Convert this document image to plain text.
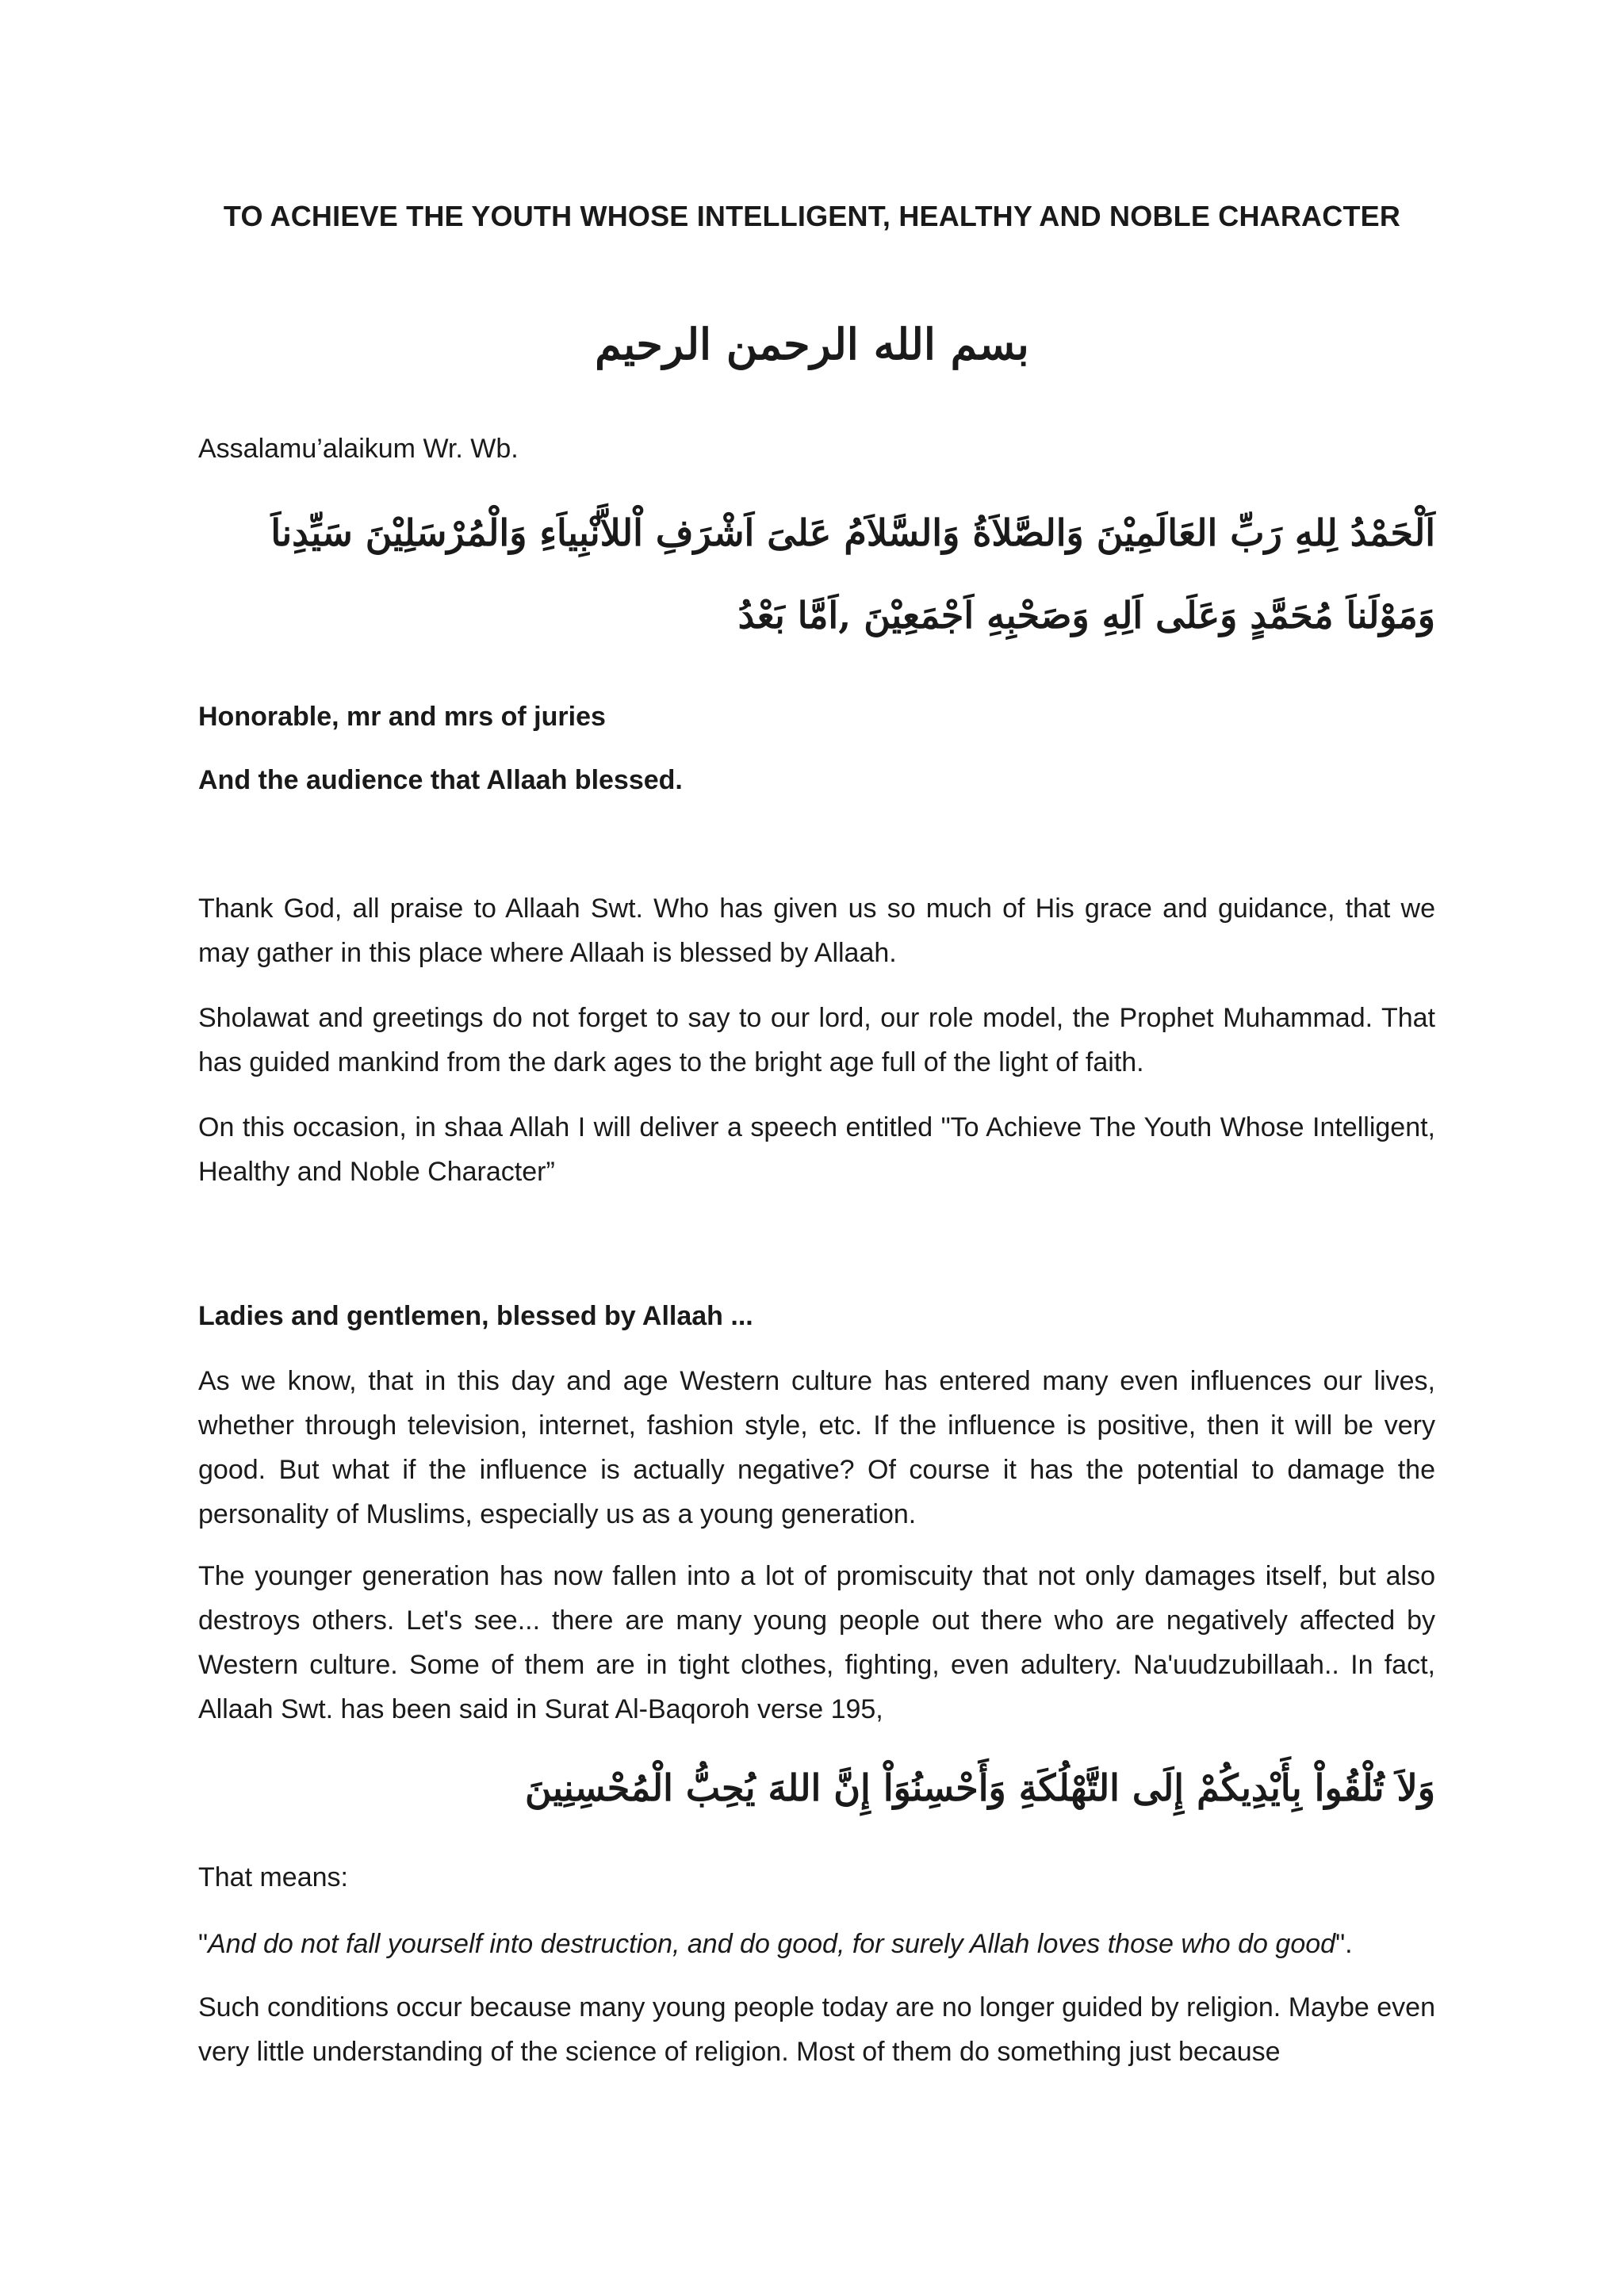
TO ACHIEVE THE YOUTH WHOSE INTELLIGENT, HEALTHY AND NOBLE CHARACTER
بسم الله الرحمن الرحيم
Assalamu’alaikum Wr. Wb.
اَلْحَمْدُ لِلهِ رَبِّ العَالَمِيْنَ وَالصَّلاَةُ وَالسَّلاَمُ عَلىَ اَشْرَفِ اْللاَّنْبِياَءِ وَالْمُرْسَلِيْنَ سَيِّدِناَ وَمَوْلَناَ مُحَمَّدٍ وَعَلَى اَلِهِ وَصَحْبِهِ اَجْمَعِيْنَ ,اَمَّا بَعْدُ
Honorable, mr and mrs of juries
And the audience that Allaah blessed.
Thank God, all praise to Allaah Swt. Who has given us so much of His grace and guidance, that we may gather in this place where Allaah is blessed by Allaah.
Sholawat and greetings do not forget to say to our lord, our role model, the Prophet Muhammad. That has guided mankind from the dark ages to the bright age full of the light of faith.
On this occasion, in shaa Allah I will deliver a speech entitled "To Achieve The Youth Whose Intelligent, Healthy and Noble Character”
Ladies and gentlemen, blessed by Allaah ...
As we know, that in this day and age Western culture has entered many even influences our lives, whether through television, internet, fashion style, etc. If the influence is positive, then it will be very good. But what if the influence is actually negative? Of course it has the potential to damage the personality of Muslims, especially us as a young generation.
The younger generation has now fallen into a lot of promiscuity that not only damages itself, but also destroys others. Let's see... there are many young people out there who are negatively affected by Western culture. Some of them are in tight clothes, fighting, even adultery. Na'uudzubillaah.. In fact, Allaah Swt. has been said in Surat Al-Baqoroh verse 195,
وَلاَ تُلْقُواْ بِأَيْدِيكُمْ إِلَى التَّهْلُكَةِ وَأَحْسِنُوَاْ إِنَّ اللهَ يُحِبُّ الْمُحْسِنِينَ
That means:
"And do not fall yourself into destruction, and do good, for surely Allah loves those who do good".
Such conditions occur because many young people today are no longer guided by religion. Maybe even very little understanding of the science of religion. Most of them do something just because
